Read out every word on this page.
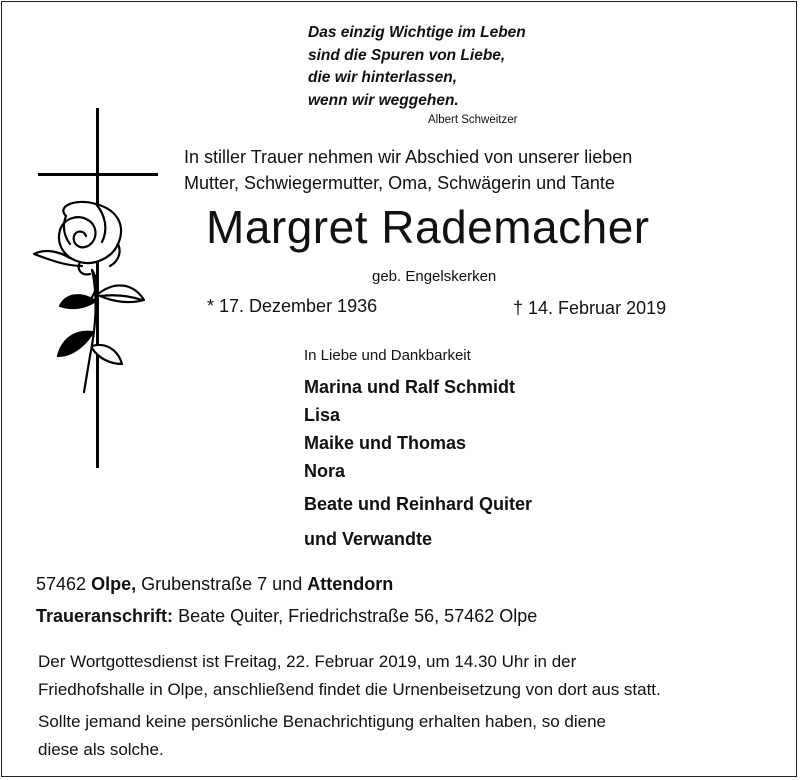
Das einzig Wichtige im Leben
sind die Spuren von Liebe,
die wir hinterlassen,
wenn wir weggehen.
Albert Schweitzer
In stiller Trauer nehmen wir Abschied von unserer lieben
Mutter, Schwiegermutter, Oma, Schwägerin und Tante
Margret Rademacher
geb. Engelskerken
* 17. Dezember 1936	† 14. Februar 2019
In Liebe und Dankbarkeit
Marina und Ralf Schmidt
Lisa
Maike und Thomas
Nora
Beate und Reinhard Quiter
und Verwandte
57462 Olpe, Grubenstraße 7 und Attendorn
Traueranschrift: Beate Quiter, Friedrichstraße 56, 57462 Olpe
Der Wortgottesdienst ist Freitag, 22. Februar 2019, um 14.30 Uhr in der
Friedhofshalle in Olpe, anschließend findet die Urnenbeisetzung von dort aus statt.
Sollte jemand keine persönliche Benachrichtigung erhalten haben, so diene
diese als solche.
